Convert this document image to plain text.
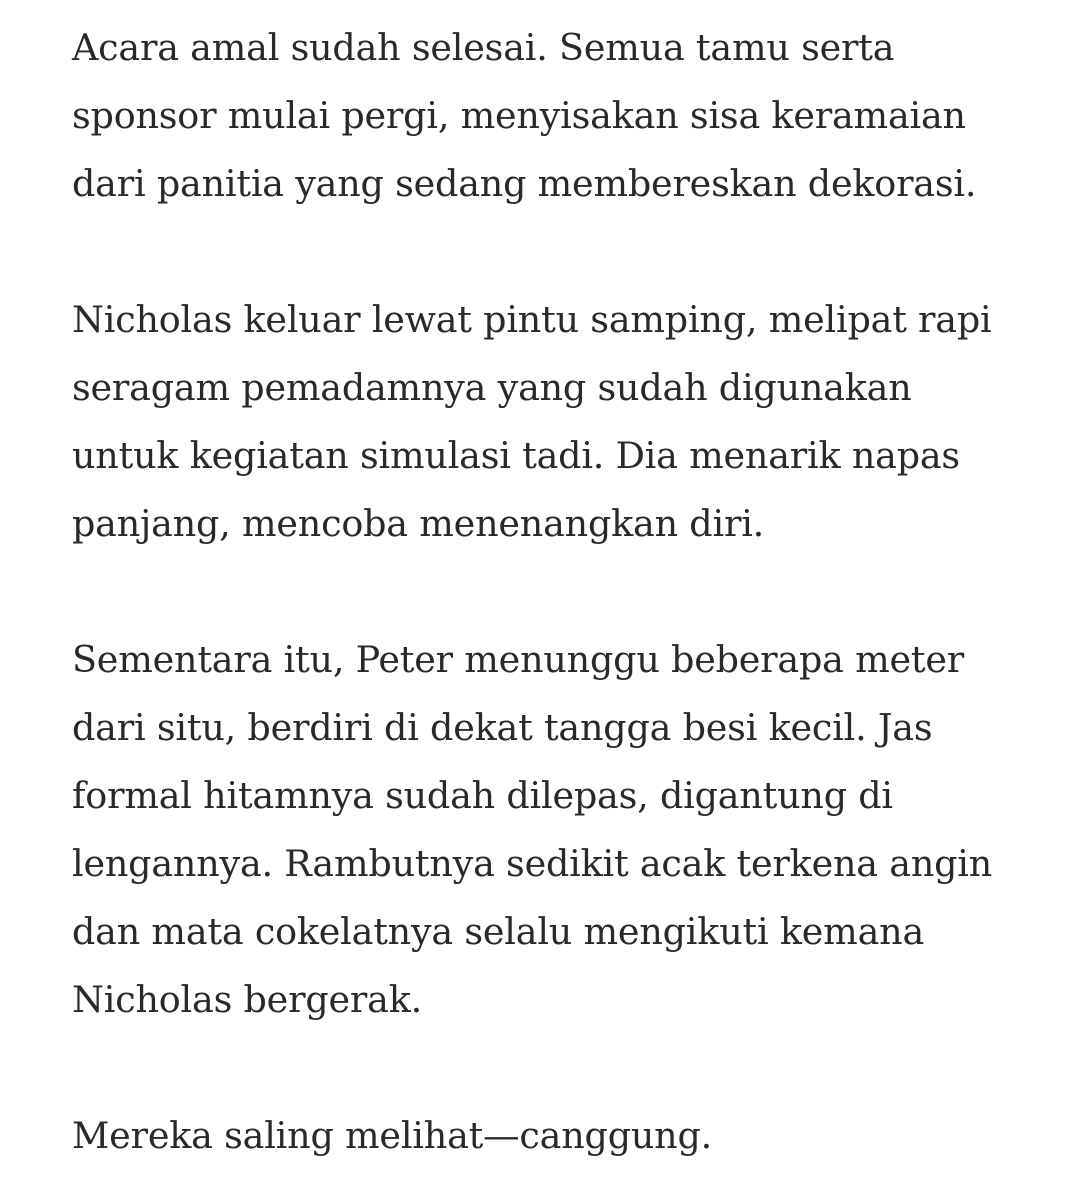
Acara amal sudah selesai. Semua tamu serta
sponsor mulai pergi, menyisakan sisa keramaian
dari panitia yang sedang membereskan dekorasi.

Nicholas keluar lewat pintu samping, melipat rapi
seragam pemadamnya yang sudah digunakan
untuk kegiatan simulasi tadi. Dia menarik napas
panjang, mencoba menenangkan diri.

Sementara itu, Peter menunggu beberapa meter
dari situ, berdiri di dekat tangga besi kecil. Jas
formal hitamnya sudah dilepas, digantung di
lengannya. Rambutnya sedikit acak terkena angin
dan mata cokelatnya selalu mengikuti kemana
Nicholas bergerak.

Mereka saling melihat—canggung.
